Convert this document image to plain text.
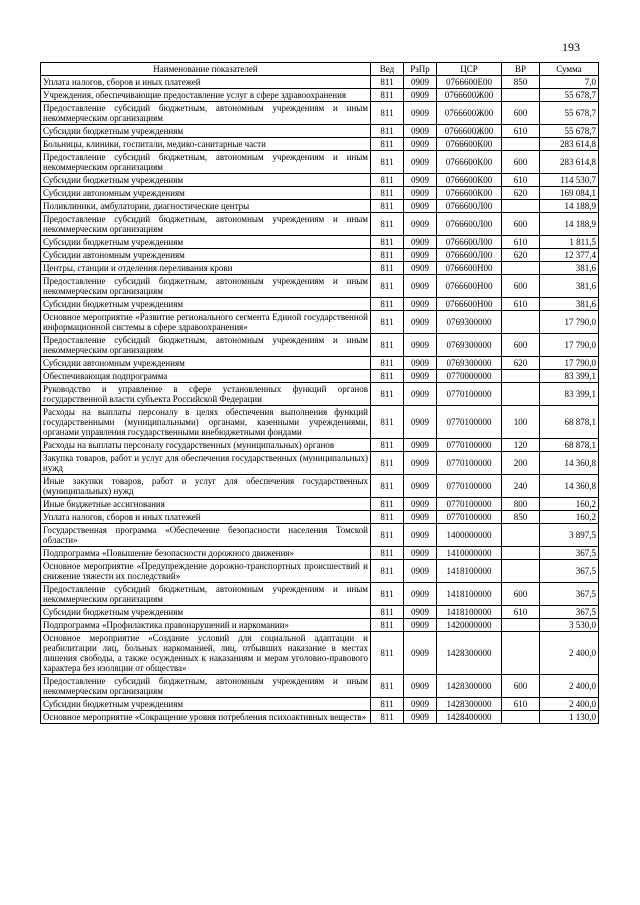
193
Наименование показателей	Вед	РзПр	ЦСР	ВР	Сумма
Уплата налогов, сборов и иных платежей	811	0909	0766600Е00	850	7,0
Учреждения, обеспечивающие предоставление услуг в сфере здравоохранения	811	0909	0766600Ж00		55 678,7
Предоставление субсидий бюджетным, автономным учреждениям и иным некоммерческим организациям	811	0909	0766600Ж00	600	55 678,7
Субсидии бюджетным учреждениям	811	0909	0766600Ж00	610	55 678,7
Больницы, клиники, госпитали, медико-санитарные части	811	0909	0766600К00		283 614,8
Предоставление субсидий бюджетным, автономным учреждениям и иным некоммерческим организациям	811	0909	0766600К00	600	283 614,8
Субсидии бюджетным учреждениям	811	0909	0766600К00	610	114 530,7
Субсидии автономным учреждениям	811	0909	0766600К00	620	169 084,1
Поликлиники, амбулатории, диагностические центры	811	0909	0766600Л00		14 188,9
Предоставление субсидий бюджетным, автономным учреждениям и иным некоммерческим организациям	811	0909	0766600Л00	600	14 188,9
Субсидии бюджетным учреждениям	811	0909	0766600Л00	610	1 811,5
Субсидии автономным учреждениям	811	0909	0766600Л00	620	12 377,4
Центры, станции и отделения переливания крови	811	0909	0766600Н00		381,6
Предоставление субсидий бюджетным, автономным учреждениям и иным некоммерческим организациям	811	0909	0766600Н00	600	381,6
Субсидии бюджетным учреждениям	811	0909	0766600Н00	610	381,6
Основное мероприятие «Развитие регионального сегмента Единой государственной информационной системы в сфере здравоохранения»	811	0909	0769300000		17 790,0
Предоставление субсидий бюджетным, автономным учреждениям и иным некоммерческим организациям	811	0909	0769300000	600	17 790,0
Субсидии автономным учреждениям	811	0909	0769300000	620	17 790,0
Обеспечивающая подпрограмма	811	0909	0770000000		83 399,1
Руководство и управление в сфере установленных функций органов государственной власти субъекта Российской Федерации	811	0909	0770100000		83 399,1
Расходы на выплаты персоналу в целях обеспечения выполнения функций государственными (муниципальными) органами, казенными учреждениями, органами управления государственными внебюджетными фондами	811	0909	0770100000	100	68 878,1
Расходы на выплаты персоналу государственных (муниципальных) органов	811	0909	0770100000	120	68 878,1
Закупка товаров, работ и услуг для обеспечения государственных (муниципальных) нужд	811	0909	0770100000	200	14 360,8
Иные закупки товаров, работ и услуг для обеспечения государственных (муниципальных) нужд	811	0909	0770100000	240	14 360,8
Иные бюджетные ассигнования	811	0909	0770100000	800	160,2
Уплата налогов, сборов и иных платежей	811	0909	0770100000	850	160,2
Государственная программа «Обеспечение безопасности населения Томской области»	811	0909	1400000000		3 897,5
Подпрограмма «Повышение безопасности дорожного движения»	811	0909	1410000000		367,5
Основное мероприятие «Предупреждение дорожно-транспортных происшествий и снижение тяжести их последствий»	811	0909	1418100000		367,5
Предоставление субсидий бюджетным, автономным учреждениям и иным некоммерческим организациям	811	0909	1418100000	600	367,5
Субсидии бюджетным учреждениям	811	0909	1418100000	610	367,5
Подпрограмма «Профилактика правонарушений и наркомании»	811	0909	1420000000		3 530,0
Основное мероприятие «Создание условий для социальной адаптации и реабилитации лиц, больных наркоманией, лиц, отбывших наказание в местах лишения свободы, а также осужденных к наказаниям и мерам уголовно-правового характера без изоляции от общества»	811	0909	1428300000		2 400,0
Предоставление субсидий бюджетным, автономным учреждениям и иным некоммерческим организациям	811	0909	1428300000	600	2 400,0
Субсидии бюджетным учреждениям	811	0909	1428300000	610	2 400,0
Основное мероприятие «Сокращение уровня потребления психоактивных веществ»	811	0909	1428400000		1 130,0
